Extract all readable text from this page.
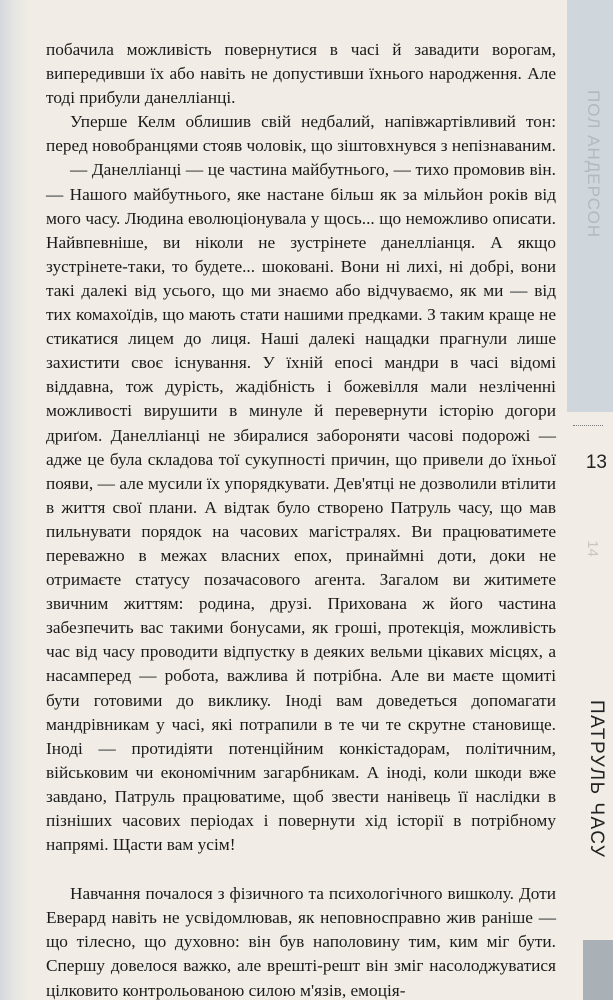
побачила можливість повернутися в часі й завадити ворогам, випередивши їх або навіть не допустивши їхнього народження. Але тоді прибули данелліанці.

Уперше Келм облишив свій недбалий, напівжартівливий тон: перед новобранцями стояв чоловік, що зіштовхнувся з непізнаваним.

— Данелліанці — це частина майбутнього, — тихо промовив він. — Нашого майбутнього, яке настане більш як за мільйон років від мого часу. Людина еволюціонувала у щось... що неможливо описати. Найвпевніше, ви ніколи не зустрінете данелліанця. А якщо зустрінете-таки, то будете... шоковані. Вони ні лихі, ні добрі, вони такі далекі від усього, що ми знаємо або відчуваємо, як ми — від тих комахоїдів, що мають стати нашими предками. З таким краще не стикатися лицем до лиця. Наші далекі нащадки прагнули лише захистити своє існування. У їхній епосі мандри в часі відомі віддавна, тож дурість, жадібність і божевілля мали незліченні можливості вирушити в минуле й перевернути історію догори дриґом. Данелліанці не збиралися забороняти часові подорожі — адже це була складова тої сукупності причин, що привели до їхньої появи, — але мусили їх упорядкувати. Дев'ятці не дозволили втілити в життя свої плани. А відтак було створено Патруль часу, що мав пильнувати порядок на часових магістралях. Ви працюватимете переважно в межах власних епох, принаймні доти, доки не отримаєте статусу позачасового агента. Загалом ви житимете звичним життям: родина, друзі. Прихована ж його частина забезпечить вас такими бонусами, як гроші, протекція, можливість час від часу проводити відпустку в деяких вельми цікавих місцях, а насамперед — робота, важлива й потрібна. Але ви маєте щомиті бути готовими до виклику. Іноді вам доведеться допомагати мандрівникам у часі, які потрапили в те чи те скрутне становище. Іноді — протидіяти потенційним конкістадорам, політичним, військовим чи економічним загарбникам. А іноді, коли шкоди вже завдано, Патруль працюватиме, щоб звести нанівець її наслідки в пізніших часових періодах і повернути хід історії в потрібному напрямі. Щасти вам усім!

Навчання почалося з фізичного та психологічного вишколу. Доти Еверард навіть не усвідомлював, як неповносправно жив раніше — що тілесно, що духовно: він був наполовину тим, ким міг бути. Спершу довелося важко, але врешті-решт він зміг насолоджуватися цілковито контрольованою силою м'язів, емоція-

ПОЛ АНДЕРСОН
13
14
ПАТРУЛЬ ЧАСУ
